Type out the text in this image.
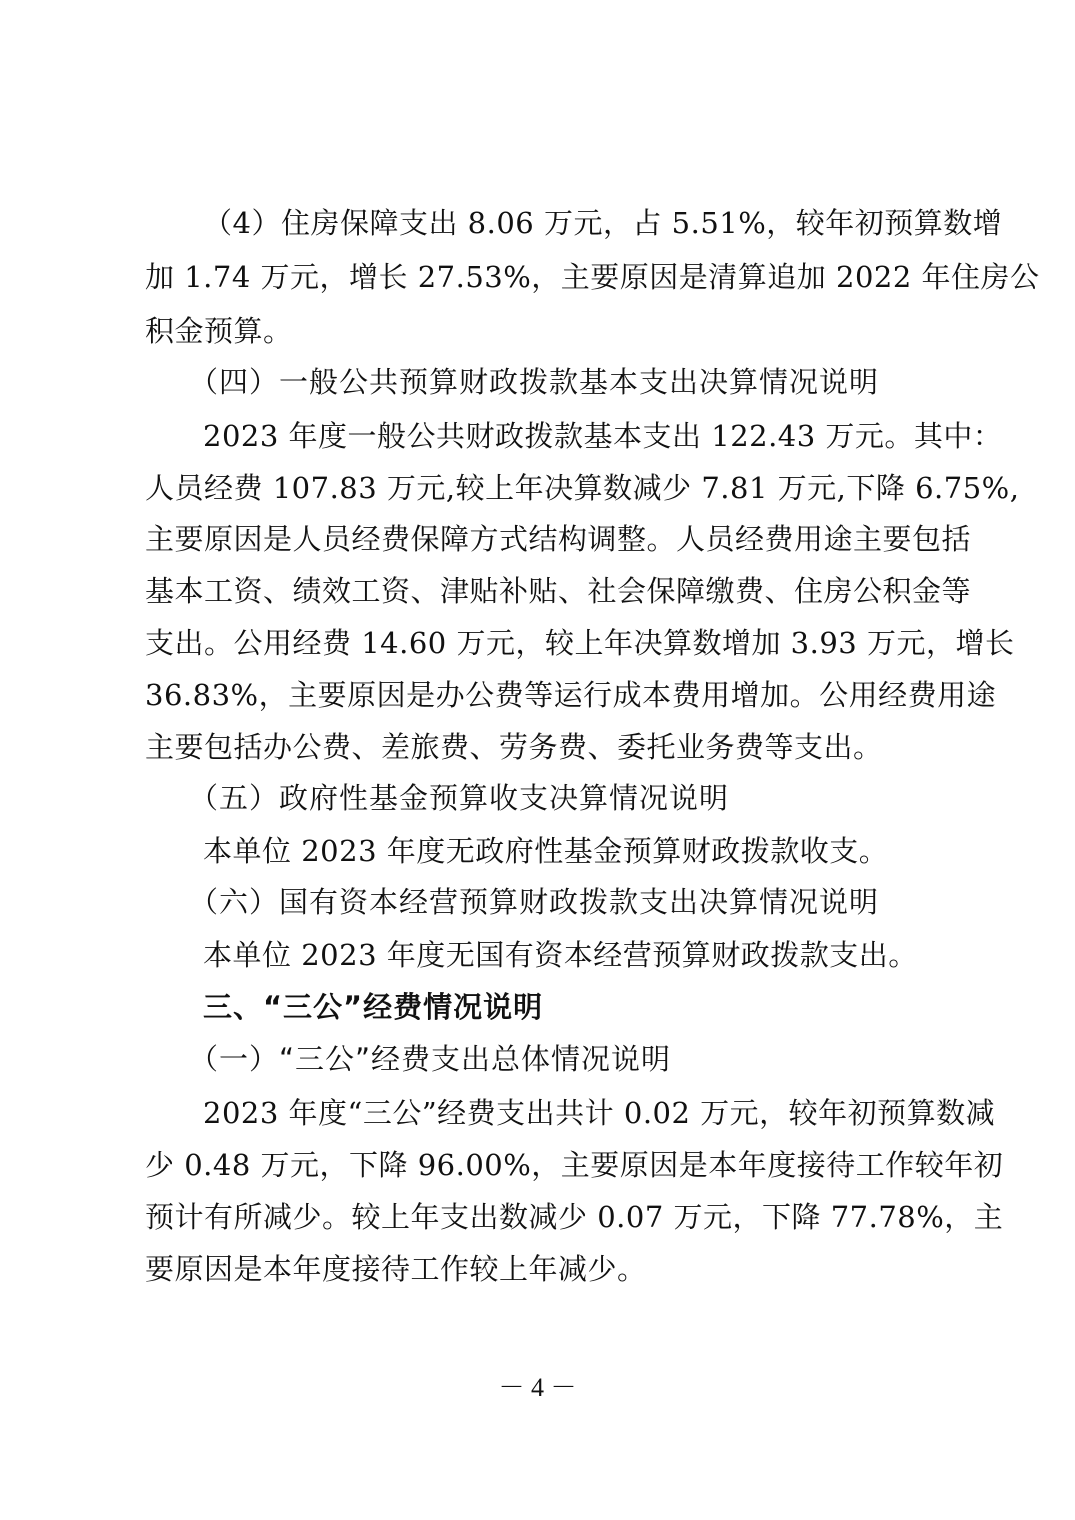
（4）住房保障支出 8.06 万元，占 5.51%，较年初预算数增
加 1.74 万元，增长 27.53%，主要原因是清算追加 2022 年住房公
积金预算。
（四）一般公共预算财政拨款基本支出决算情况说明
2023 年度一般公共财政拨款基本支出 122.43 万元。其中：
人员经费 107.83 万元,较上年决算数减少 7.81 万元,下降 6.75%,
主要原因是人员经费保障方式结构调整。人员经费用途主要包括
基本工资、绩效工资、津贴补贴、社会保障缴费、住房公积金等
支出。公用经费 14.60 万元，较上年决算数增加 3.93 万元，增长
36.83%，主要原因是办公费等运行成本费用增加。公用经费用途
主要包括办公费、差旅费、劳务费、委托业务费等支出。
（五）政府性基金预算收支决算情况说明
本单位 2023 年度无政府性基金预算财政拨款收支。
（六）国有资本经营预算财政拨款支出决算情况说明
本单位 2023 年度无国有资本经营预算财政拨款支出。
三、“三公”经费情况说明
（一）“三公”经费支出总体情况说明
2023 年度“三公”经费支出共计 0.02 万元，较年初预算数减
少 0.48 万元，下降 96.00%，主要原因是本年度接待工作较年初
预计有所减少。较上年支出数减少 0.07 万元，下降 77.78%，主
要原因是本年度接待工作较上年减少。
－ 4 －
